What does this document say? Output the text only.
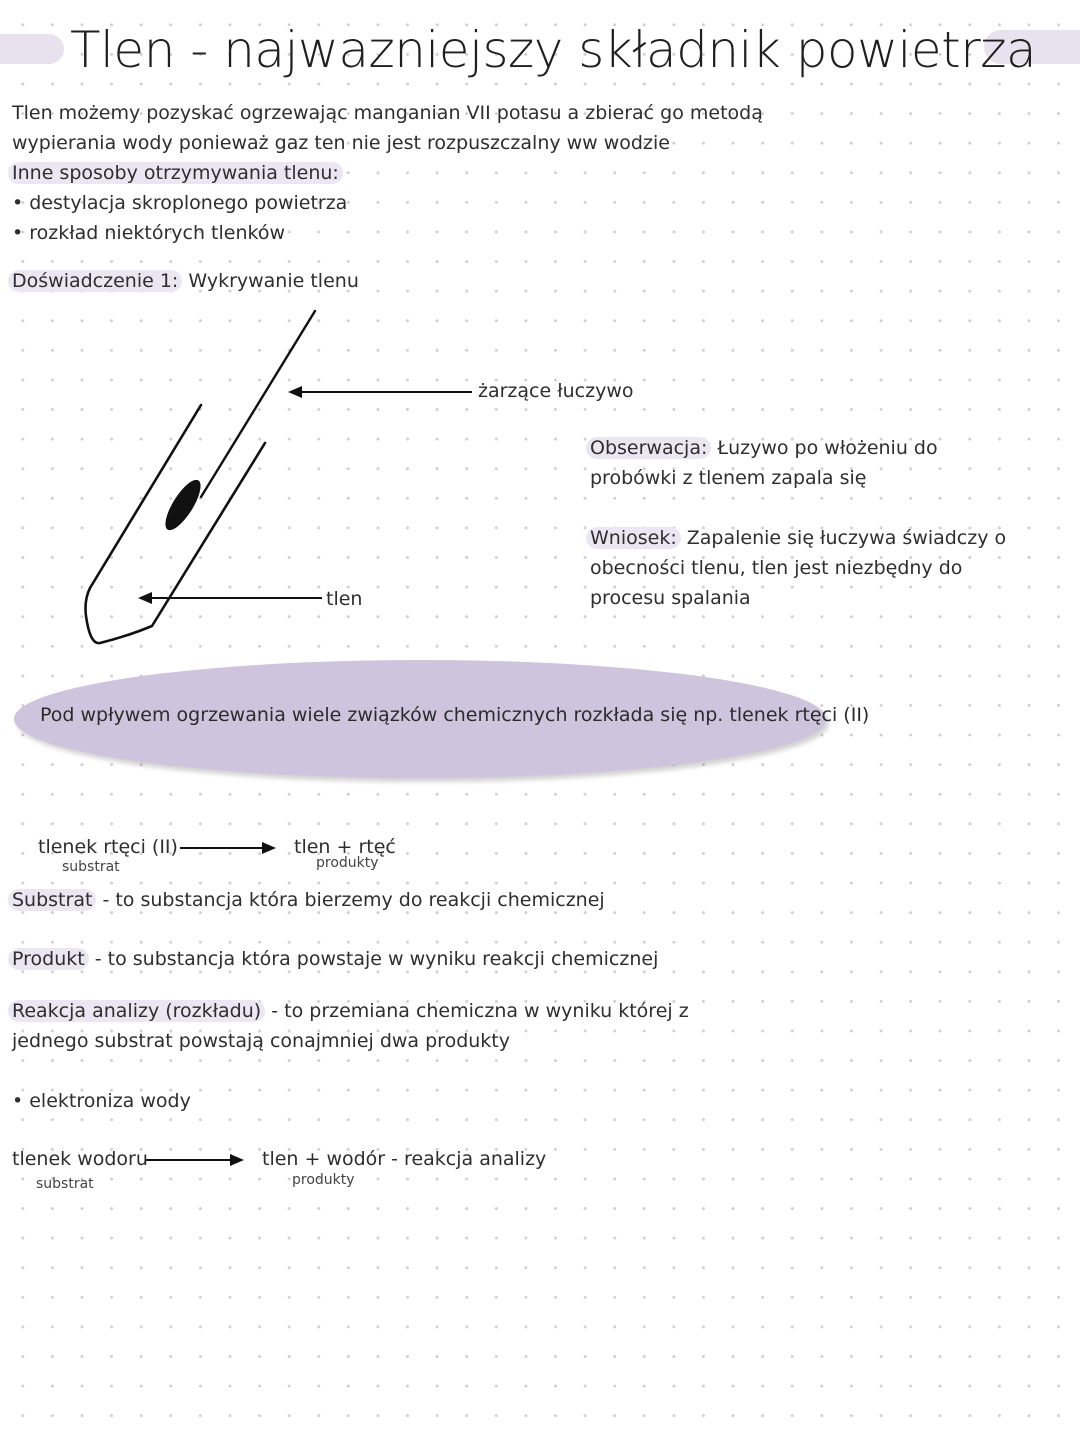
Tlen - najwazniejszy składnik powietrza
Tlen możemy pozyskać ogrzewając manganian VII potasu a zbierać go metodą
wypierania wody ponieważ gaz ten nie jest rozpuszczalny ww wodzie
Inne sposoby otrzymywania tlenu:
• destylacja skroplonego powietrza
• rozkład niektórych tlenków
Doświadczenie 1: Wykrywanie tlenu
żarzące łuczywo
tlen
Obserwacja: Łuzywo po włożeniu do
probówki z tlenem zapala się
Wniosek: Zapalenie się łuczywa świadczy o
obecności tlenu, tlen jest niezbędny do
procesu spalania
Pod wpływem ogrzewania wiele związków chemicznych rozkłada się np. tlenek rtęci (II)
tlenek rtęci (II)
substrat
tlen + rtęć
produkty
Substrat - to substancja która bierzemy do reakcji chemicznej
Produkt - to substancja która powstaje w wyniku reakcji chemicznej
Reakcja analizy (rozkładu) - to przemiana chemiczna w wyniku której z
jednego substrat powstają conajmniej dwa produkty
• elektroniza wody
tlenek wodoru
substrat
tlen + wodór - reakcja analizy
produkty
